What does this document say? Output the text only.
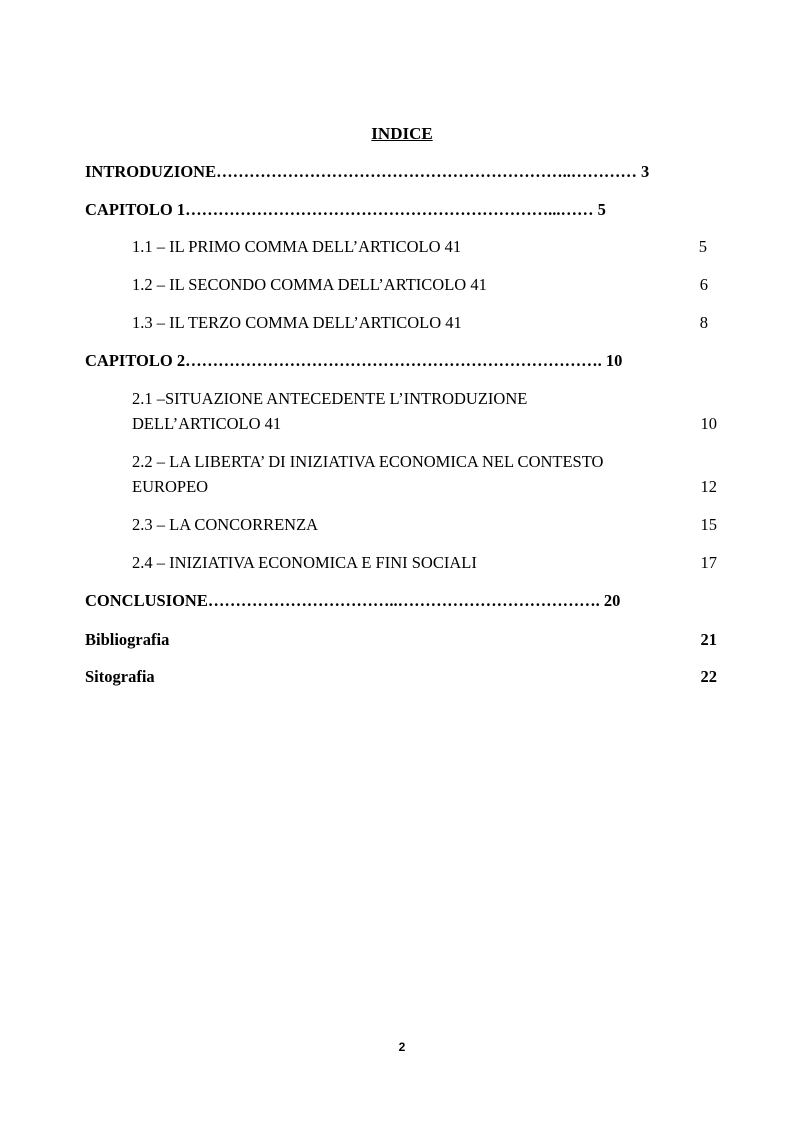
INDICE
INTRODUZIONE………………………………………………………..………… 3
CAPITOLO 1…………………………………………………………...…… 5
1.1 – IL PRIMO COMMA DELL’ARTICOLO 41	5
1.2 – IL SECONDO COMMA DELL’ARTICOLO 41	6
1.3 – IL TERZO COMMA DELL’ARTICOLO 41	8
CAPITOLO 2…………………………………………………………………. 10
2.1 –SITUAZIONE ANTECEDENTE L’INTRODUZIONE
DELL’ARTICOLO 41	10
2.2 – LA LIBERTA’ DI INIZIATIVA ECONOMICA NEL CONTESTO
EUROPEO	12
2.3 – LA CONCORRENZA	15
2.4 – INIZIATIVA ECONOMICA E FINI SOCIALI	17
CONCLUSIONE……………………………..………………………………. 20
Bibliografia	21
Sitografia	22
2
